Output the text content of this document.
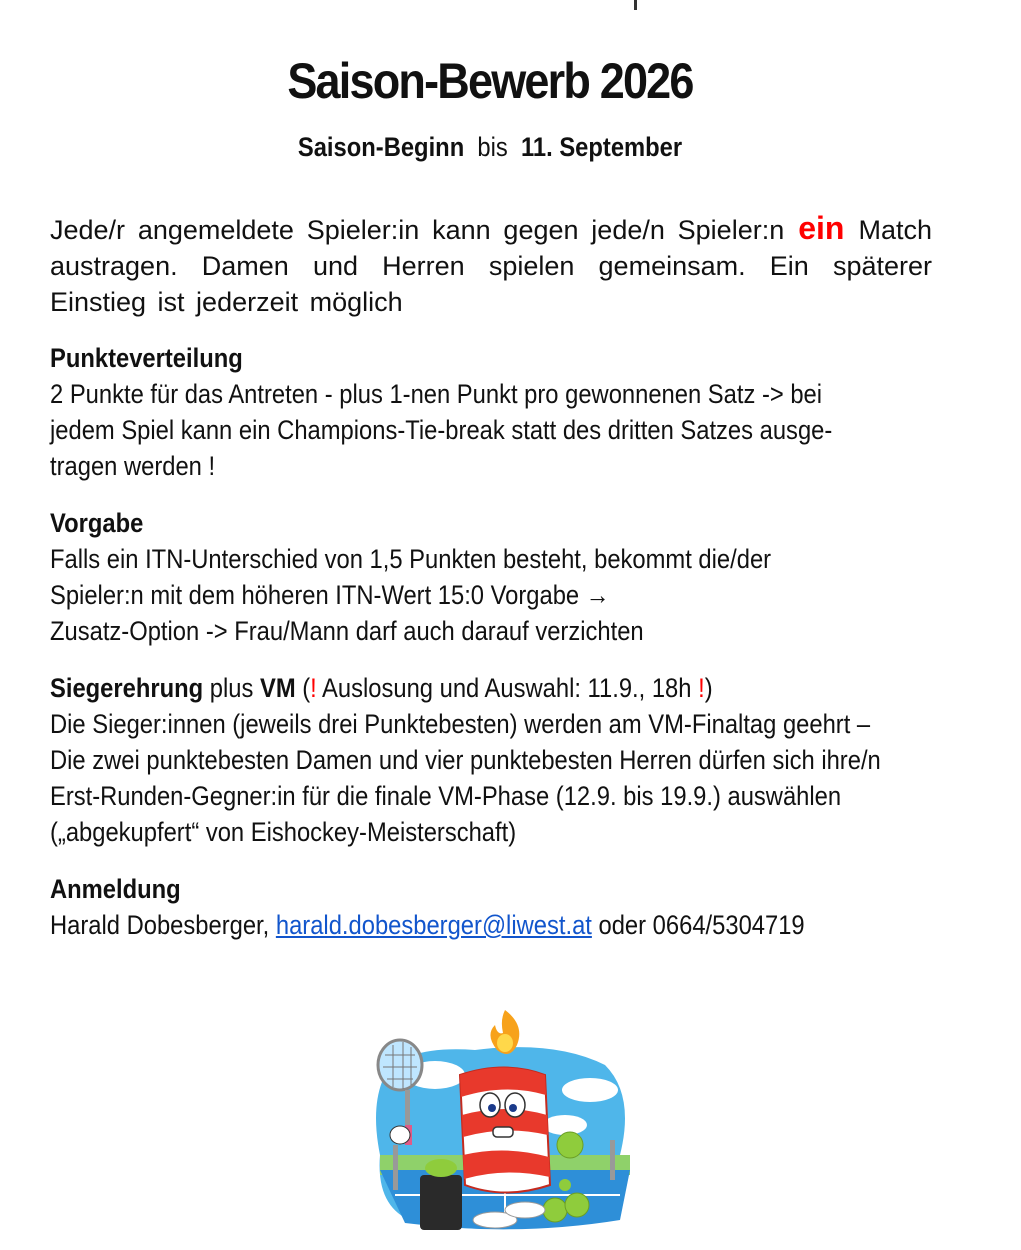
Saison-Bewerb 2026
Saison-Beginn bis 11. September
Jede/r angemeldete Spieler:in kann gegen jede/n Spieler:n ein Match austragen. Damen und Herren spielen gemeinsam. Ein späterer Einstieg ist jederzeit möglich
Punkteverteilung
2 Punkte für das Antreten - plus 1-nen Punkt pro gewonnenen Satz -> bei
jedem Spiel kann ein Champions-Tie-break statt des dritten Satzes ausge-
tragen werden !
Vorgabe
Falls ein ITN-Unterschied von 1,5 Punkten besteht, bekommt die/der
Spieler:n mit dem höheren ITN-Wert 15:0 Vorgabe →
Zusatz-Option -> Frau/Mann darf auch darauf verzichten
Siegerehrung plus VM (! Auslosung und Auswahl: 11.9., 18h !)
Die Sieger:innen (jeweils drei Punktebesten) werden am VM-Finaltag geehrt –
Die zwei punktebesten Damen und vier punktebesten Herren dürfen sich ihre/n
Erst-Runden-Gegner:in für die finale VM-Phase (12.9. bis 19.9.) auswählen
(„abgekupfert“ von Eishockey-Meisterschaft)
Anmeldung
Harald Dobesberger, harald.dobesberger@liwest.at oder 0664/5304719
